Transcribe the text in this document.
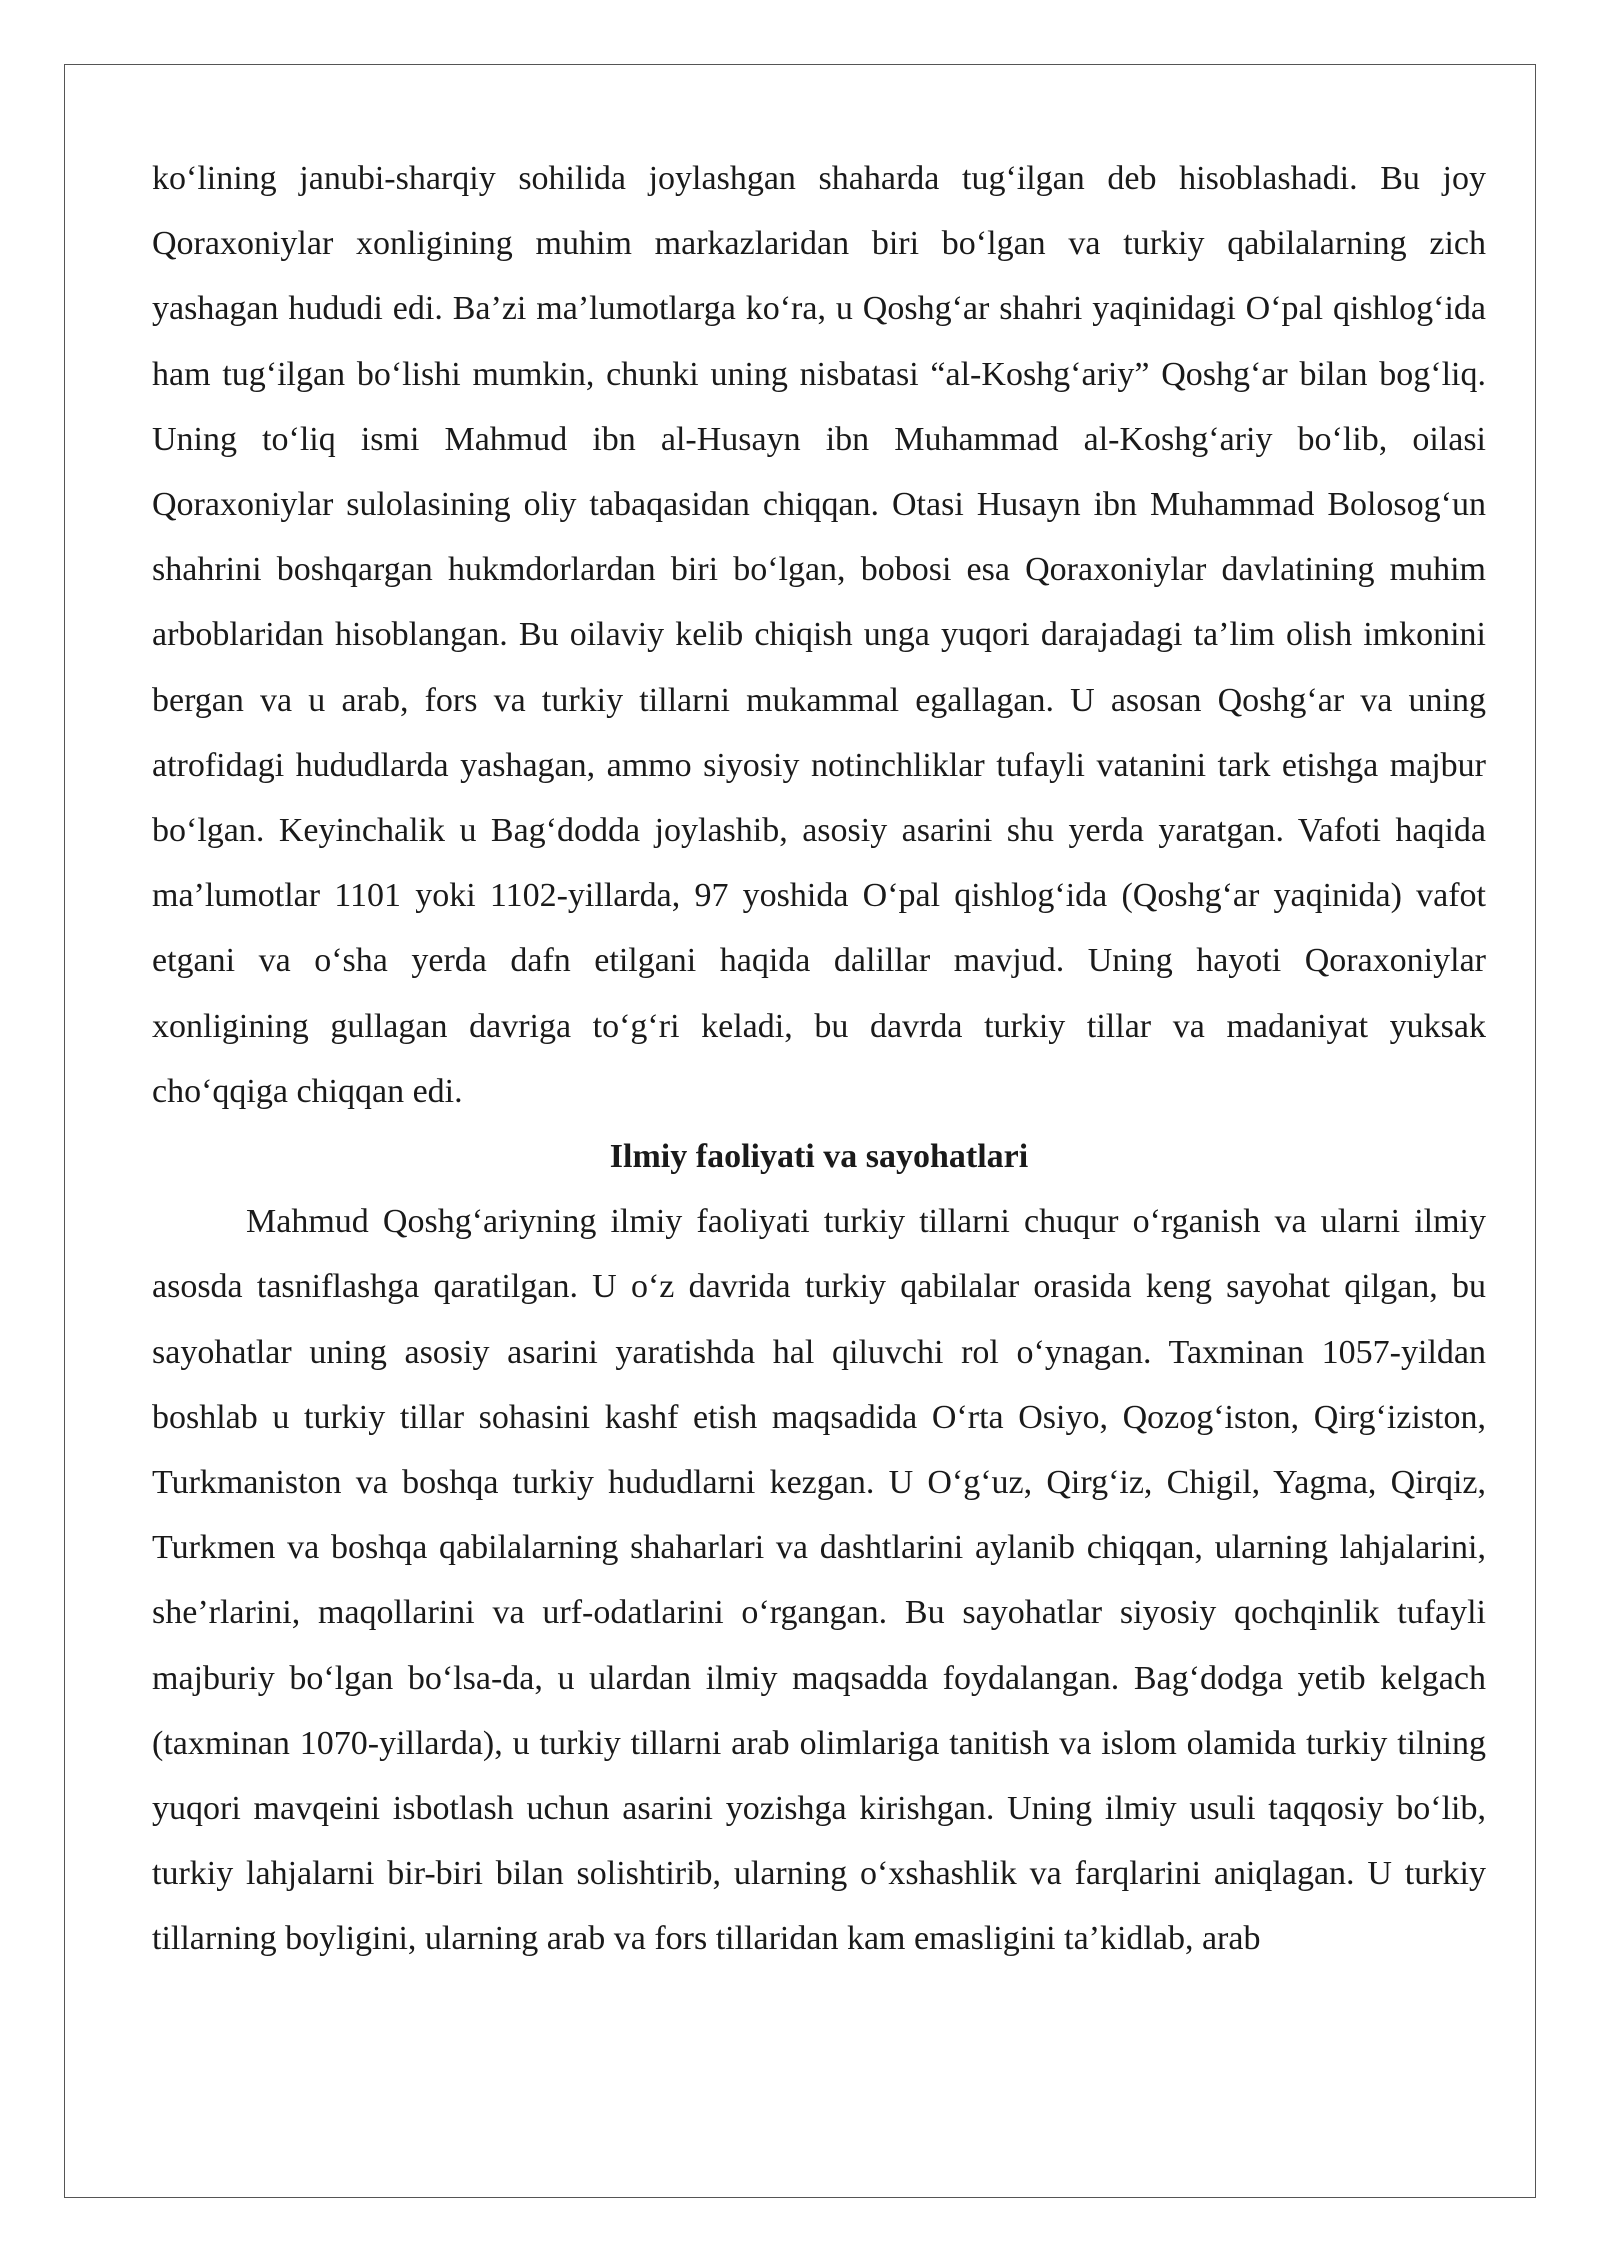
ko‘lining janubi-sharqiy sohilida joylashgan shaharda tug‘ilgan deb hisoblashadi. Bu joy Qoraxoniylar xonligining muhim markazlaridan biri bo‘lgan va turkiy qabilalarning zich yashagan hududi edi. Ba’zi ma’lumotlarga ko‘ra, u Qoshg‘ar shahri yaqinidagi O‘pal qishlog‘ida ham tug‘ilgan bo‘lishi mumkin, chunki uning nisbatasi “al-Koshg‘ariy” Qoshg‘ar bilan bog‘liq. Uning to‘liq ismi Mahmud ibn al-Husayn ibn Muhammad al-Koshg‘ariy bo‘lib, oilasi Qoraxoniylar sulolasining oliy tabaqasidan chiqqan. Otasi Husayn ibn Muhammad Bolosog‘un shahrini boshqargan hukmdorlardan biri bo‘lgan, bobosi esa Qoraxoniylar davlatining muhim arboblaridan hisoblangan. Bu oilaviy kelib chiqish unga yuqori darajadagi ta’lim olish imkonini bergan va u arab, fors va turkiy tillarni mukammal egallagan. U asosan Qoshg‘ar va uning atrofidagi hududlarda yashagan, ammo siyosiy notinchliklar tufayli vatanini tark etishga majbur bo‘lgan. Keyinchalik u Bag‘dodda joylashib, asosiy asarini shu yerda yaratgan. Vafoti haqida ma’lumotlar 1101 yoki 1102-yillarda, 97 yoshida O‘pal qishlog‘ida (Qoshg‘ar yaqinida) vafot etgani va o‘sha yerda dafn etilgani haqida dalillar mavjud. Uning hayoti Qoraxoniylar xonligining gullagan davriga to‘g‘ri keladi, bu davrda turkiy tillar va madaniyat yuksak cho‘qqiga chiqqan edi.

Ilmiy faoliyati va sayohatlari

Mahmud Qoshg‘ariyning ilmiy faoliyati turkiy tillarni chuqur o‘rganish va ularni ilmiy asosda tasniflashga qaratilgan. U o‘z davrida turkiy qabilalar orasida keng sayohat qilgan, bu sayohatlar uning asosiy asarini yaratishda hal qiluvchi rol o‘ynagan. Taxminan 1057-yildan boshlab u turkiy tillar sohasini kashf etish maqsadida O‘rta Osiyo, Qozog‘iston, Qirg‘iziston, Turkmaniston va boshqa turkiy hududlarni kezgan. U O‘g‘uz, Qirg‘iz, Chigil, Yagma, Qirqiz, Turkmen va boshqa qabilalarning shaharlari va dashtlarini aylanib chiqqan, ularning lahjalarini, she’rlarini, maqollarini va urf-odatlarini o‘rgangan. Bu sayohatlar siyosiy qochqinlik tufayli majburiy bo‘lgan bo‘lsa-da, u ulardan ilmiy maqsadda foydalangan. Bag‘dodga yetib kelgach (taxminan 1070-yillarda), u turkiy tillarni arab olimlariga tanitish va islom olamida turkiy tilning yuqori mavqeini isbotlash uchun asarini yozishga kirishgan. Uning ilmiy usuli taqqosiy bo‘lib, turkiy lahjalarni bir-biri bilan solishtirib, ularning o‘xshashlik va farqlarini aniqlagan. U turkiy tillarning boyligini, ularning arab va fors tillaridan kam emasligini ta’kidlab, arab
